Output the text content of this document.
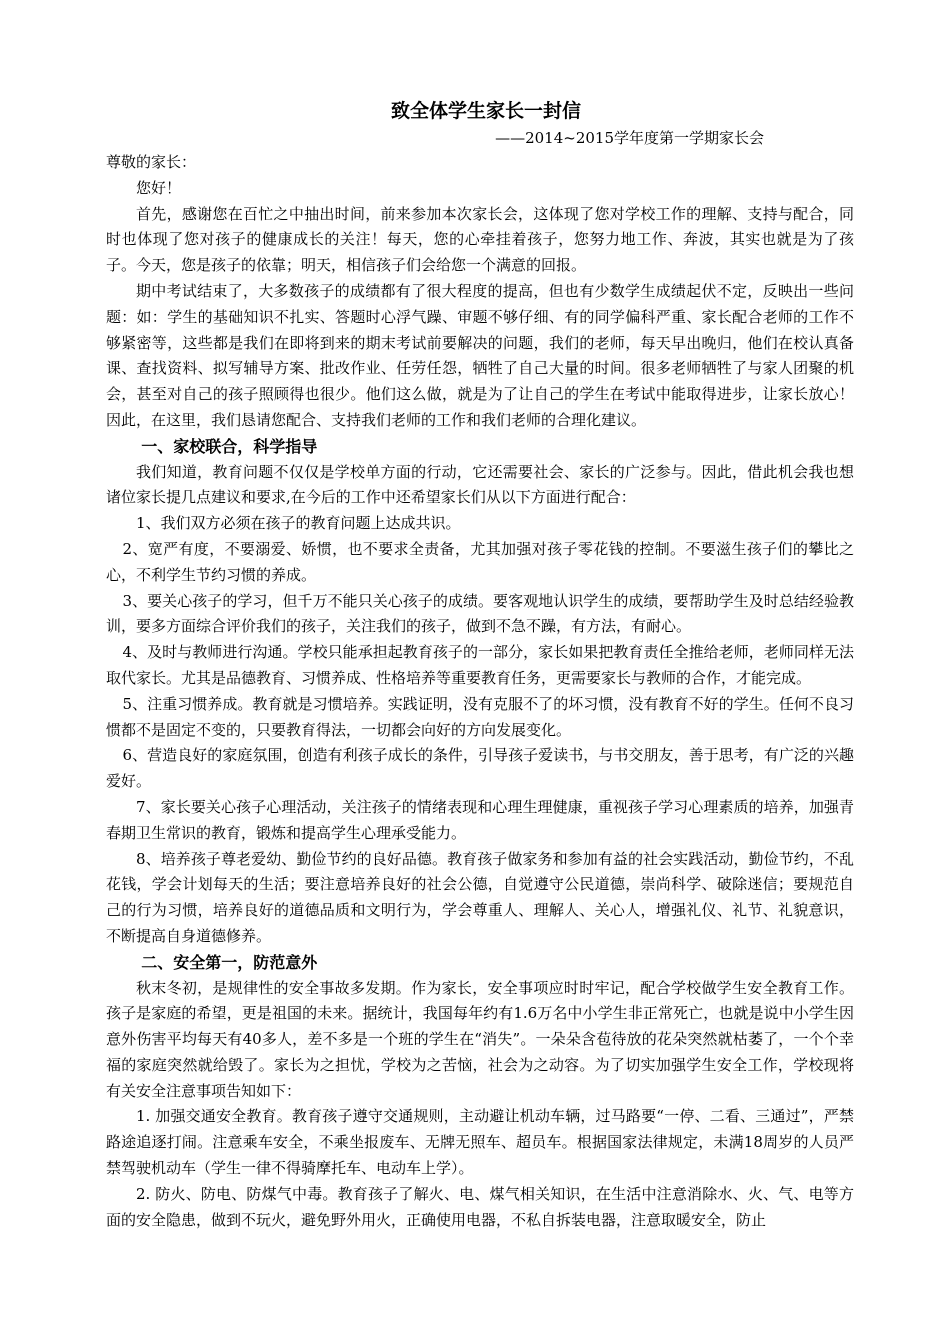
致全体学生家长一封信

——2014~2015学年度第一学期家长会

尊敬的家长：

您好！

首先，感谢您在百忙之中抽出时间，前来参加本次家长会，这体现了您对学校工作的理解、支持与配合，同时也体现了您对孩子的健康成长的关注！每天，您的心牵挂着孩子，您努力地工作、奔波，其实也就是为了孩子。今天，您是孩子的依靠；明天，相信孩子们会给您一个满意的回报。

期中考试结束了，大多数孩子的成绩都有了很大程度的提高，但也有少数学生成绩起伏不定，反映出一些问题：如：学生的基础知识不扎实、答题时心浮气躁、审题不够仔细、有的同学偏科严重、家长配合老师的工作不够紧密等，这些都是我们在即将到来的期末考试前要解决的问题，我们的老师，每天早出晚归，他们在校认真备课、查找资料、拟写辅导方案、批改作业、任劳任怨，牺牲了自己大量的时间。很多老师牺牲了与家人团聚的机会，甚至对自己的孩子照顾得也很少。他们这么做，就是为了让自己的学生在考试中能取得进步，让家长放心！因此，在这里，我们恳请您配合、支持我们老师的工作和我们老师的合理化建议。

一、家校联合，科学指导

我们知道，教育问题不仅仅是学校单方面的行动，它还需要社会、家长的广泛参与。因此，借此机会我也想诸位家长提几点建议和要求,在今后的工作中还希望家长们从以下方面进行配合：

1、我们双方必须在孩子的教育问题上达成共识。

2、宽严有度，不要溺爱、娇惯，也不要求全责备，尤其加强对孩子零花钱的控制。不要滋生孩子们的攀比之心，不利学生节约习惯的养成。

3、要关心孩子的学习，但千万不能只关心孩子的成绩。要客观地认识学生的成绩，要帮助学生及时总结经验教训，要多方面综合评价我们的孩子，关注我们的孩子，做到不急不躁，有方法，有耐心。

4、及时与教师进行沟通。学校只能承担起教育孩子的一部分，家长如果把教育责任全推给老师，老师同样无法取代家长。尤其是品德教育、习惯养成、性格培养等重要教育任务，更需要家长与教师的合作，才能完成。

5、注重习惯养成。教育就是习惯培养。实践证明，没有克服不了的坏习惯，没有教育不好的学生。任何不良习惯都不是固定不变的，只要教育得法，一切都会向好的方向发展变化。

6、营造良好的家庭氛围，创造有利孩子成长的条件，引导孩子爱读书，与书交朋友，善于思考，有广泛的兴趣爱好。

7、家长要关心孩子心理活动，关注孩子的情绪表现和心理生理健康，重视孩子学习心理素质的培养，加强青春期卫生常识的教育，锻炼和提高学生心理承受能力。

8、培养孩子尊老爱幼、勤俭节约的良好品德。教育孩子做家务和参加有益的社会实践活动，勤俭节约，不乱花钱，学会计划每天的生活；要注意培养良好的社会公德，自觉遵守公民道德，崇尚科学、破除迷信；要规范自己的行为习惯，培养良好的道德品质和文明行为，学会尊重人、理解人、关心人，增强礼仪、礼节、礼貌意识，不断提高自身道德修养。

二、安全第一，防范意外

秋末冬初，是规律性的安全事故多发期。作为家长，安全事项应时时牢记，配合学校做学生安全教育工作。孩子是家庭的希望，更是祖国的未来。据统计，我国每年约有1.6万名中小学生非正常死亡，也就是说中小学生因意外伤害平均每天有40多人，差不多是一个班的学生在“消失”。一朵朵含苞待放的花朵突然就枯萎了，一个个幸福的家庭突然就给毁了。家长为之担忧，学校为之苦恼，社会为之动容。为了切实加强学生安全工作，学校现将有关安全注意事项告知如下：

1. 加强交通安全教育。教育孩子遵守交通规则，主动避让机动车辆，过马路要“一停、二看、三通过”，严禁路途追逐打闹。注意乘车安全，不乘坐报废车、无牌无照车、超员车。根据国家法律规定，未满18周岁的人员严禁驾驶机动车（学生一律不得骑摩托车、电动车上学）。

2. 防火、防电、防煤气中毒。教育孩子了解火、电、煤气相关知识，在生活中注意消除水、火、气、电等方面的安全隐患，做到不玩火，避免野外用火，正确使用电器，不私自拆装电器，注意取暖安全，防止
